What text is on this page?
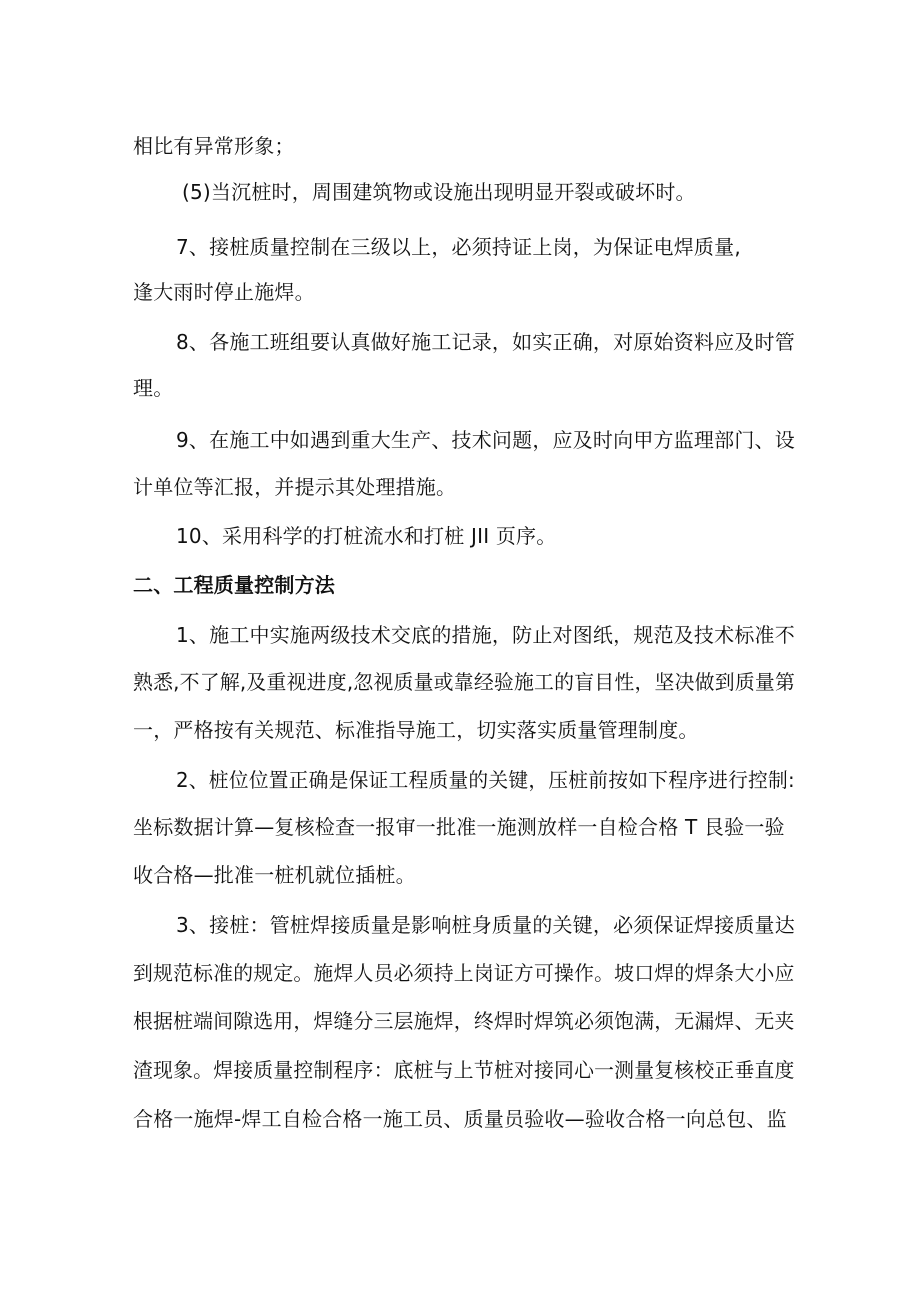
相比有异常形象；
(5)当沉桩时，周围建筑物或设施出现明显开裂或破坏时。
7、接桩质量控制在三级以上，必须持证上岗，为保证电焊质量,
逢大雨时停止施焊。
8、各施工班组要认真做好施工记录，如实正确，对原始资料应及时管
理。
9、在施工中如遇到重大生产、技术问题，应及时向甲方监理部门、设
计单位等汇报，并提示其处理措施。
10、采用科学的打桩流水和打桩 JII 页序。
二、工程质量控制方法
1、施工中实施两级技术交底的措施，防止对图纸，规范及技术标准不
熟悉,不了解,及重视进度,忽视质量或靠经验施工的盲目性，坚决做到质量第
一，严格按有关规范、标准指导施工，切实落实质量管理制度。
2、桩位位置正确是保证工程质量的关键，压桩前按如下程序进行控制:
坐标数据计算—复核检查一报审一批准一施测放样一自检合格 T 艮验一验
收合格—批准一桩机就位插桩。
3、接桩：管桩焊接质量是影响桩身质量的关键，必须保证焊接质量达
到规范标准的规定。施焊人员必须持上岗证方可操作。坡口焊的焊条大小应
根据桩端间隙选用，焊缝分三层施焊，终焊时焊筑必须饱满，无漏焊、无夹
渣现象。焊接质量控制程序：底桩与上节桩对接同心一测量复核校正垂直度
合格一施焊-焊工自检合格一施工员、质量员验收—验收合格一向总包、监
